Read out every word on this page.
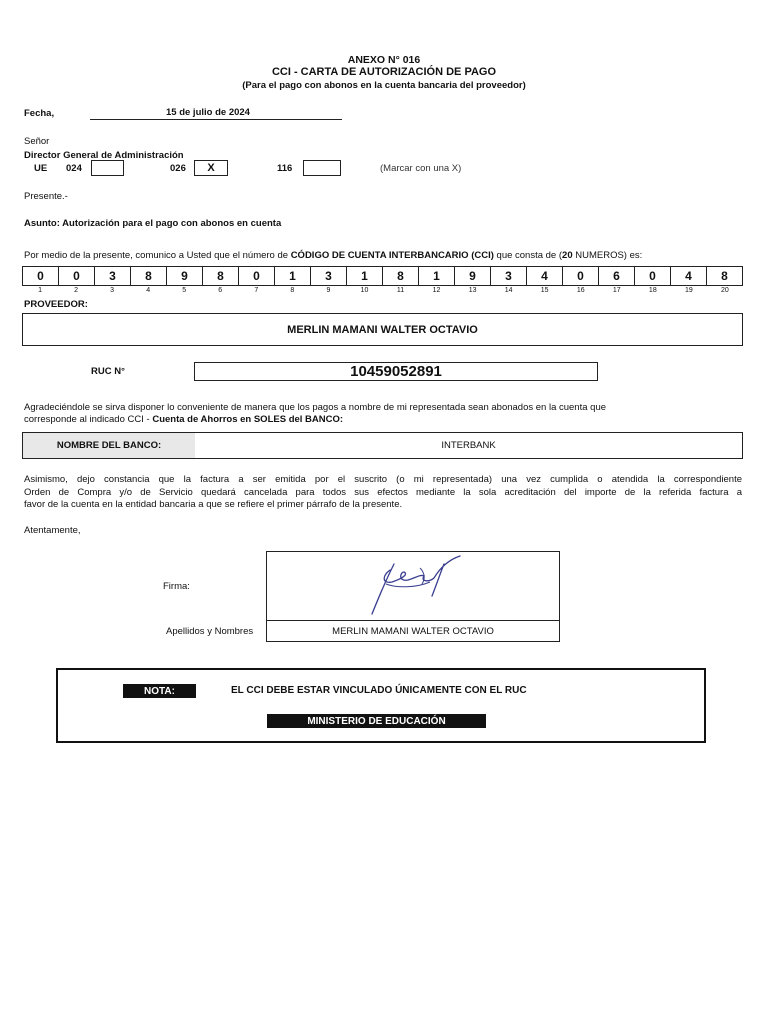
ANEXO N° 016
CCI - CARTA DE AUTORIZACIÓN DE PAGO
(Para el pago con abonos en la cuenta bancaria del proveedor)
Fecha,	15 de julio de 2024
Señor
Director General de Administración
UE 024	026	X	116	(Marcar con una X)
Presente.-
Asunto: Autorización para el pago con abonos en cuenta
Por medio de la presente, comunico a Usted que el número de CÓDIGO DE CUENTA INTERBANCARIO (CCI) que consta de (20 NUMEROS) es:
0	0	3	8	9	8	0	1	3	1	8	1	9	3	4	0	6	0	4	8
1	2	3	4	5	6	7	8	9	10	11	12	13	14	15	16	17	18	19	20
PROVEEDOR:
MERLIN MAMANI WALTER OCTAVIO
RUC N°	10459052891
Agradeciéndole se sirva disponer lo conveniente de manera que los pagos a nombre de mi representada sean abonados en la cuenta que
corresponde al indicado CCI - Cuenta de Ahorros en SOLES del BANCO:
NOMBRE DEL BANCO:	INTERBANK
Asimismo, dejo constancia que la factura a ser emitida por el suscrito (o mi representada) una vez cumplida o atendida la correspondiente
Orden de Compra y/o de Servicio quedará cancelada para todos sus efectos mediante la sola acreditación del importe de la referida factura a
favor de la cuenta en la entidad bancaria a que se refiere el primer párrafo de la presente.
Atentamente,
Firma:
Apellidos y Nombres	MERLIN MAMANI WALTER OCTAVIO
NOTA:	EL CCI DEBE ESTAR VINCULADO ÚNICAMENTE CON EL RUC
MINISTERIO DE EDUCACIÓN
